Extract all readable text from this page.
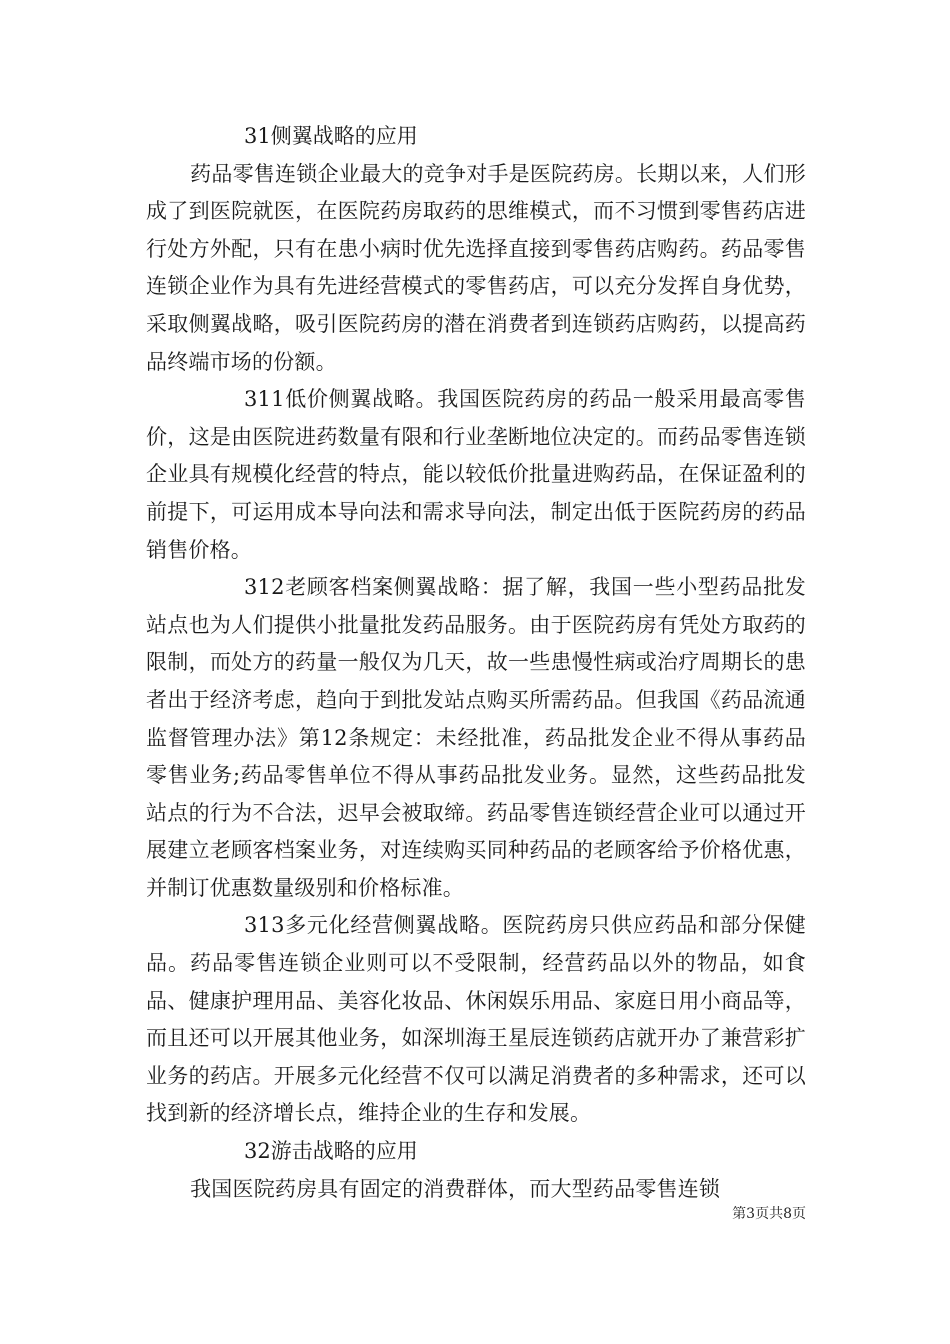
31侧翼战略的应用

药品零售连锁企业最大的竞争对手是医院药房。长期以来，人们形成了到医院就医，在医院药房取药的思维模式，而不习惯到零售药店进行处方外配，只有在患小病时优先选择直接到零售药店购药。药品零售连锁企业作为具有先进经营模式的零售药店，可以充分发挥自身优势，采取侧翼战略，吸引医院药房的潜在消费者到连锁药店购药，以提高药品终端市场的份额。

311低价侧翼战略。我国医院药房的药品一般采用最高零售价，这是由医院进药数量有限和行业垄断地位决定的。而药品零售连锁企业具有规模化经营的特点，能以较低价批量进购药品，在保证盈利的前提下，可运用成本导向法和需求导向法，制定出低于医院药房的药品销售价格。

312老顾客档案侧翼战略：据了解，我国一些小型药品批发站点也为人们提供小批量批发药品服务。由于医院药房有凭处方取药的限制，而处方的药量一般仅为几天，故一些患慢性病或治疗周期长的患者出于经济考虑，趋向于到批发站点购买所需药品。但我国《药品流通监督管理办法》第12条规定：未经批准，药品批发企业不得从事药品零售业务;药品零售单位不得从事药品批发业务。显然，这些药品批发站点的行为不合法，迟早会被取缔。药品零售连锁经营企业可以通过开展建立老顾客档案业务，对连续购买同种药品的老顾客给予价格优惠，并制订优惠数量级别和价格标准。

313多元化经营侧翼战略。医院药房只供应药品和部分保健品。药品零售连锁企业则可以不受限制，经营药品以外的物品，如食品、健康护理用品、美容化妆品、休闲娱乐用品、家庭日用小商品等，而且还可以开展其他业务，如深圳海王星辰连锁药店就开办了兼营彩扩业务的药店。开展多元化经营不仅可以满足消费者的多种需求，还可以找到新的经济增长点，维持企业的生存和发展。

32游击战略的应用

我国医院药房具有固定的消费群体，而大型药品零售连锁

第3页共8页
